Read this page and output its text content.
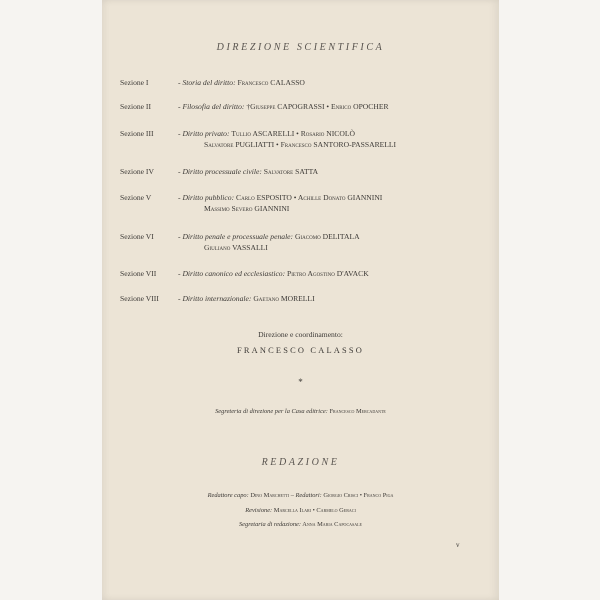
DIREZIONE SCIENTIFICA
Sezione I	- Storia del diritto: Francesco CALASSO
Sezione II	- Filosofia del diritto: †Giuseppe CAPOGRASSI • Enrico OPOCHER
Sezione III	- Diritto privato: Tullio ASCARELLI • Rosario NICOLÒ
Salvatore PUGLIATTI • Francesco SANTORO-PASSARELLI
Sezione IV	- Diritto processuale civile: Salvatore SATTA
Sezione V	- Diritto pubblico: Carlo ESPOSITO • Achille Donato GIANNINI
Massimo Severo GIANNINI
Sezione VI	- Diritto penale e processuale penale: Giacomo DELITALA
Giuliano VASSALLI
Sezione VII	- Diritto canonico ed ecclesiastico: Pietro Agostino D'AVACK
Sezione VIII	- Diritto internazionale: Gaetano MORELLI
Direzione e coordinamento:
FRANCESCO CALASSO
*
Segreteria di direzione per la Casa editrice: Francesco Mercadante
REDAZIONE
Redattore capo: Dino Marchetti – Redattori: Giorgio Crisci • Franco Piga
Revisione: Marcella Ilari • Carmelo Geraci
Segretaria di redazione: Anna Maria Capocasale
v
